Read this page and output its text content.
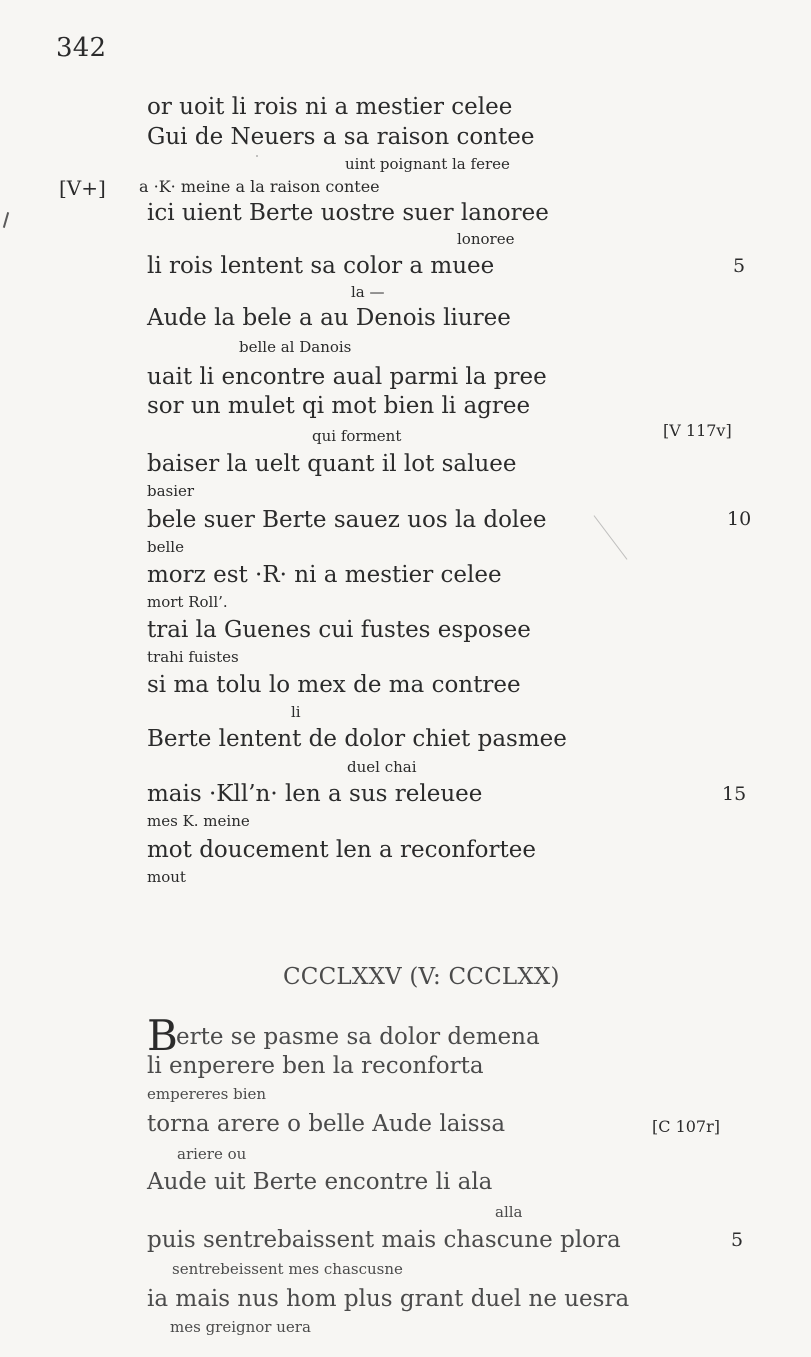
342
or uoit li rois ni a mestier celee
Gui de Neuers a sa raison contee
uint poignant la feree
[V+] a ·K· meine a la raison contee
ici uient Berte uostre suer lanoree
lonoree
li rois lentent sa color a muee
la —
Aude la bele a au Denois liuree
belle al Danois
uait li encontre aual parmi la pree
sor un mulet qi mot bien li agree
qui forment
baiser la uelt quant il lot saluee
basier
bele suer Berte sauez uos la dolee
belle
morz est ·R· ni a mestier celee
mort Roll’.
trai la Guenes cui fustes esposee
trahi fuistes
si ma tolu lo mex de ma contree
li
Berte lentent de dolor chiet pasmee
duel chai
mais ·Kll’n· len a sus releuee
mes K. meine
mot doucement len a reconfortee
mout
5
[V 117v]
10
15
CCCLXXV (V: CCCLXX)
B
erte se pasme sa dolor demena
li enperere ben la reconforta
empereres bien
torna arere o belle Aude laissa
ariere ou
Aude uit Berte encontre li ala
alla
puis sentrebaissent mais chascune plora
sentrebeissent mes chascusne
ia mais nus hom plus grant duel ne uesra
mes greignor uera
[C 107r]
5
